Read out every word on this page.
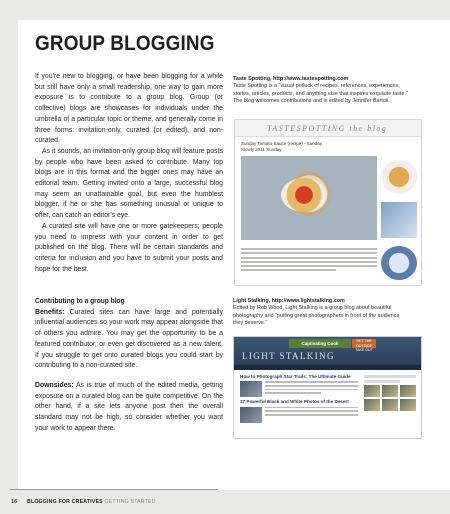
GROUP BLOGGING

If you're new to blogging, or have been blogging for a while but still have only a small readership, one way to gain more exposure is to contribute to a group blog. Group (or collective) blogs are showcases for individuals under the umbrella of a particular topic or theme, and generally come in three forms: invitation-only, curated (or edited), and non-curated.

As it sounds, an invitation-only group blog will feature posts by people who have been asked to contribute. Many top blogs are in this format and the bigger ones may have an editorial team. Getting invited onto a large, successful blog may seem an unattainable goal, but even the humblest blogger, if he or she has something unusual or unique to offer, can catch an editor's eye.

A curated site will have one or more gatekeepers; people you need to impress with your content in order to get published on the blog. There will be certain standards and criteria for inclusion and you have to submit your posts and hope for the best.

Contributing to a group blog

Benefits: Curated sites can have large and potentially influential audiences so your work may appear alongside that of others you admire. You may get the opportunity to be a featured contributor, or even get discovered as a new talent. If you struggle to get onto curated blogs you could start by contributing to a non-curated site.

Downsides: As is true of much of the edited media, getting exposure on a curated blog can be quite competitive. On the other hand, if a site lets anyone post then the overall standard may not be high, so consider whether you want your work to appear there.

Taste Spotting, http://www.tastespotting.com
Taste Spotting is a "visual potluck of recipes, references, experiences, stories, articles, products, and anything else that inspires exquisite taste." The blog welcomes contributions and is edited by Jennifer Bartoli.
TASTESPOTTING the blog
Sunday Tomato Sauce (recipe) - Sunday, Slowly 2011 Sunday
Light Stalking, http://www.lightstalking.com
Edited by Rob Wood, Light Stalking is a group blog about beautiful photography and "putting great photographers in front of the audience they deserve."
Captivating Cook	GET THE OUTSIDE TAKE OUT
LIGHT STALKING
How to Photograph Star Trails: The Ultimate Guide
37 Powerful Black and White Photos of the Desert
16 BLOGGING FOR CREATIVES GETTING STARTED
